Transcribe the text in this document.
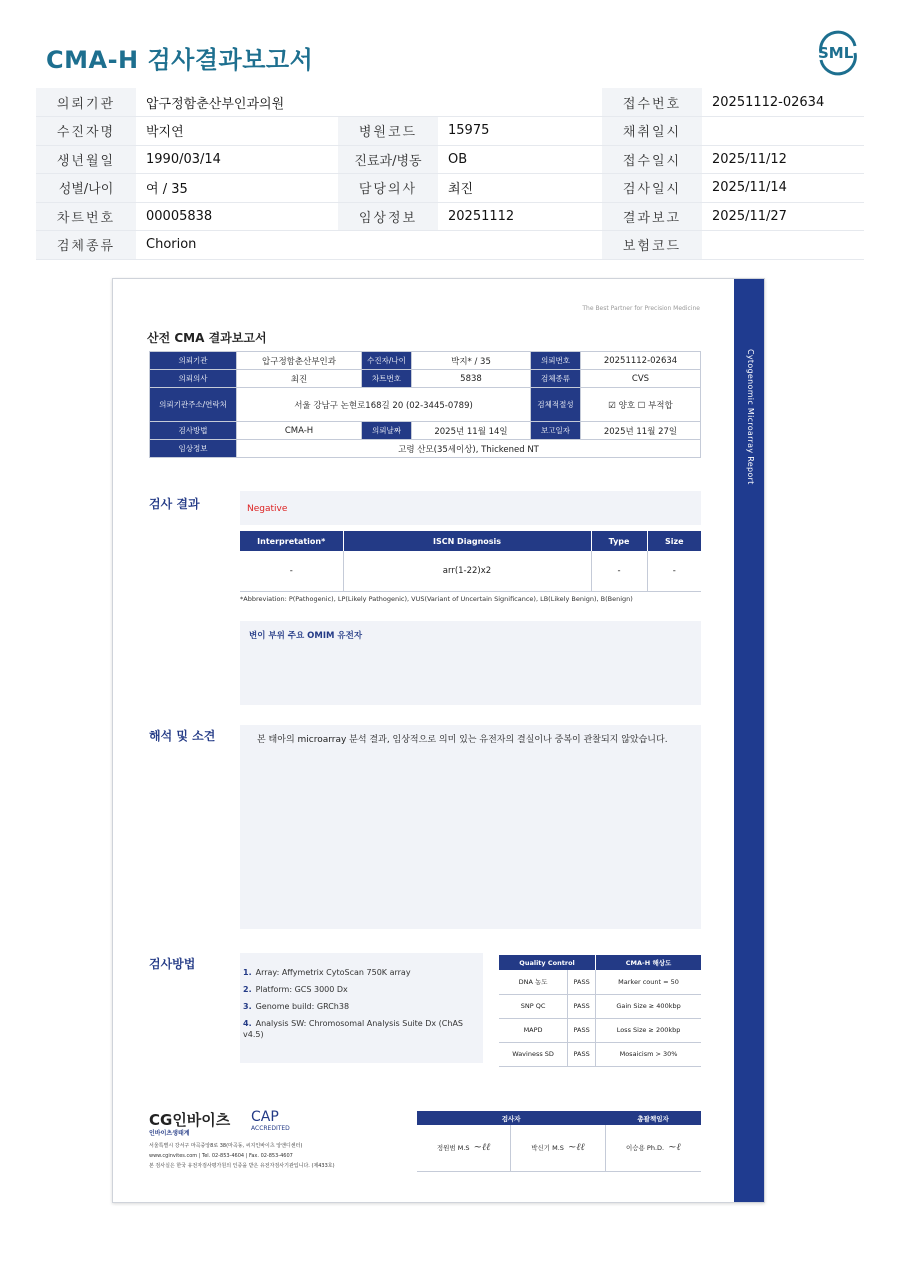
CMA-H 검사결과보고서	SML
의뢰기관	압구정함춘산부인과의원			접수번호	20251112-02634
수진자명	박지연	병원코드	15975	채취일시	
생년월일	1990/03/14	진료과/병동	OB	접수일시	2025/11/12
성별/나이	여 / 35	담당의사	최진	검사일시	2025/11/14
차트번호	00005838	임상정보	20251112	결과보고	2025/11/27
검체종류	Chorion			보험코드	
Cytogenomic Microarray Report
The Best Partner for Precision Medicine
산전 CMA 결과보고서
의뢰기관	압구정함춘산부인과	수진자/나이	박지* / 35	의뢰번호	20251112-02634
의뢰의사	최진	차트번호	5838	검체종류	CVS
의뢰기관주소/연락처	서울 강남구 논현로168길 20 (02-3445-0789)			검체적절성	☑ 양호 ☐ 부적합
검사방법	CMA-H	의뢰날짜	2025년 11월 14일	보고일자	2025년 11월 27일
임상정보	고령 산모(35세이상), Thickened NT				
검사 결과	Negative
Interpretation*	ISCN Diagnosis	Type	Size
-	arr(1-22)x2	-	-
*Abbreviation: P(Pathogenic), LP(Likely Pathogenic), VUS(Variant of Uncertain Significance), LB(Likely Benign), B(Benign)
변이 부위 주요 OMIM 유전자
해석 및 소견	본 태아의 microarray 분석 결과, 임상적으로 의미 있는 유전자의 결실이나 중복이 관찰되지 않았습니다.
검사방법
1. Array: Affymetrix CytoScan 750K array
2. Platform: GCS 3000 Dx
3. Genome build: GRCh38
4. Analysis SW: Chromosomal Analysis Suite Dx (ChAS v4.5)
Quality Control		CMA-H 해상도
DNA 농도	PASS	Marker count = 50
SNP QC	PASS	Gain Size ≥ 400kbp
MAPD	PASS	Loss Size ≥ 200kbp
Waviness SD	PASS	Mosaicism > 30%
CG인바이츠
인바이츠생태계
CAP
ACCREDITED
서울특별시 강서구 마곡중앙8로 38(마곡동, 씨지인바이츠 앙앤디센터)
www.cginvites.com | Tel. 02-853-4604 | Fax. 02-853-4607
본 검사실은 한국 유전자검사평가원의 인증을 받은 유전자검사기관입니다. (제433호)
검사자		총괄책임자
정원범 M.S ~ℓℓ	박신기 M.S ~ℓℓ	이승용 Ph.D. ~ℓ
